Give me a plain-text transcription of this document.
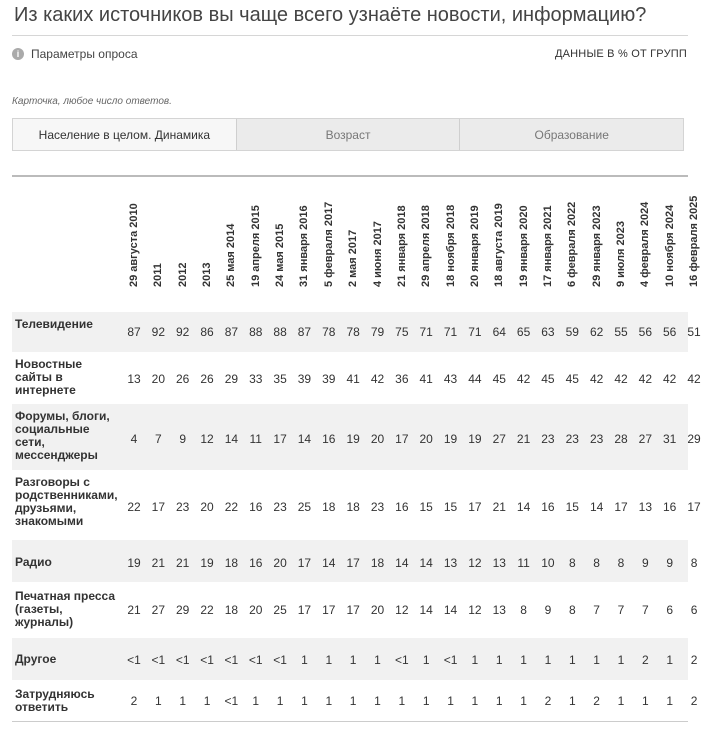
Из каких источников вы чаще всего узнаёте новости, информацию?
i Параметры опроса	ДАННЫЕ В % ОТ ГРУПП
Карточка, любое число ответов.
Население в целом. Динамика	Возраст	Образование
29 августа 2010 2011 2012 2013 25 мая 2014 19 апреля 2015 24 мая 2015 31 января 2016 5 февраля 2017 2 мая 2017 4 июня 2017 21 января 2018 29 апреля 2018 18 ноября 2018 20 января 2019 18 августа 2019 19 января 2020 17 января 2021 6 февраля 2022 29 января 2023 9 июля 2023 4 февраля 2024 10 ноября 2024 16 февраля 2025
Телевидение
87 92 92 86 87 88 88 87 78 78 79 75 71 71 71 64 65 63 59 62 55 56 56 51
Новостные сайты в интернете
13 20 26 26 29 33 35 39 39 41 42 36 41 43 44 45 42 45 45 42 42 42 42 42
Форумы, блоги, социальные сети, мессенджеры
4	7	9	12 14 11 17 14 16 19 20 17 20 19 19 27 21 23 23 23 28 27 31 29
Разговоры с родственниками, друзьями, знакомыми
22 17 23 20 22 16 23 25 18 18 23 16 15 15 17 21 14 16 15 14 17 13 16 17
Радио	19 21 21 19 18 16 20 17 14 17 18 14 14 13 12 13 11 10	8	8	8	9	9	8
Печатная пресса (газеты, журналы)
21 27 29 22 18 20 25 17 17 17 20 12 14 14 12 13	8	9	8	7	7	7	6	6
Другое	<1 <1 <1 <1 <1 <1 <1	1	1	1	1	<1	1	<1	1	1	1	1	1	1	1	2	1	2
Затрудняюсь ответить	2	1	1	1	<1	1	1	1	1	1	1	1	1	1	1	1	1	2	1	2	1	1	1	2
